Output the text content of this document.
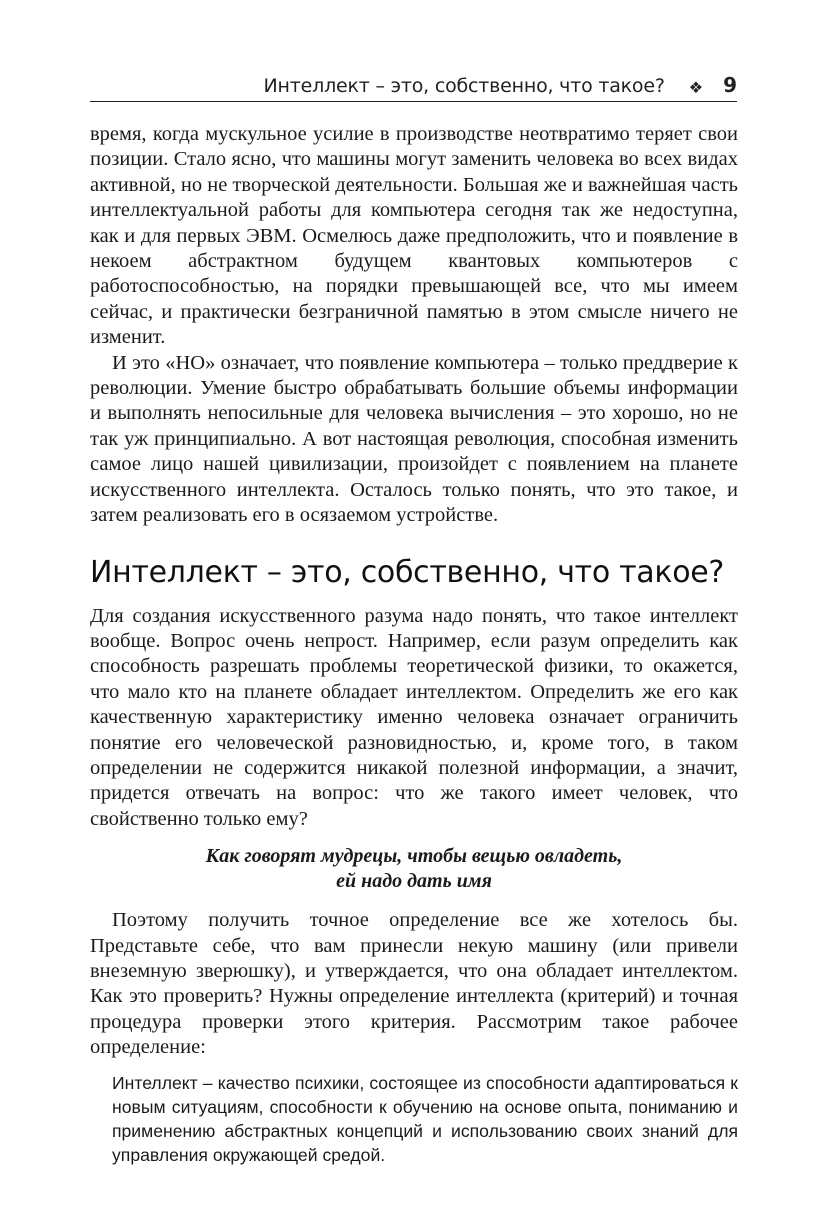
Интеллект – это, собственно, что такое? ❖ 9

время, когда мускульное усилие в производстве неотвратимо теряет свои позиции. Стало ясно, что машины могут заменить человека во всех видах активной, но не творческой деятельности. Большая же и важнейшая часть интеллектуальной работы для компьютера сегодня так же недоступна, как и для первых ЭВМ. Осмелюсь даже предположить, что и появление в некоем абстрактном будущем квантовых компьютеров с работоспособностью, на порядки превышающей все, что мы имеем сейчас, и практически безграничной памятью в этом смысле ничего не изменит.

И это «НО» означает, что появление компьютера – только преддверие к революции. Умение быстро обрабатывать большие объемы информации и выполнять непосильные для человека вычисления – это хорошо, но не так уж принципиально. А вот настоящая революция, способная изменить самое лицо нашей цивилизации, произойдет с появлением на планете искусственного интеллекта. Осталось только понять, что это такое, и затем реализовать его в осязаемом устройстве.

Интеллект – это, собственно, что такое?

Для создания искусственного разума надо понять, что такое интеллект вообще. Вопрос очень непрост. Например, если разум определить как способность разрешать проблемы теоретической физики, то окажется, что мало кто на планете обладает интеллектом. Определить же его как качественную характеристику именно человека означает ограничить понятие его человеческой разновидностью, и, кроме того, в таком определении не содержится никакой полезной информации, а значит, придется отвечать на вопрос: что же такого имеет человек, что свойственно только ему?

Как говорят мудрецы, чтобы вещью овладеть,
ей надо дать имя

Поэтому получить точное определение все же хотелось бы. Представьте себе, что вам принесли некую машину (или привели внеземную зверюшку), и утверждается, что она обладает интеллектом. Как это проверить? Нужны определение интеллекта (критерий) и точная процедура проверки этого критерия. Рассмотрим такое рабочее определение:

Интеллект – качество психики, состоящее из способности адаптироваться к новым ситуациям, способности к обучению на основе опыта, пониманию и применению абстрактных концепций и использованию своих знаний для управления окружающей средой.
